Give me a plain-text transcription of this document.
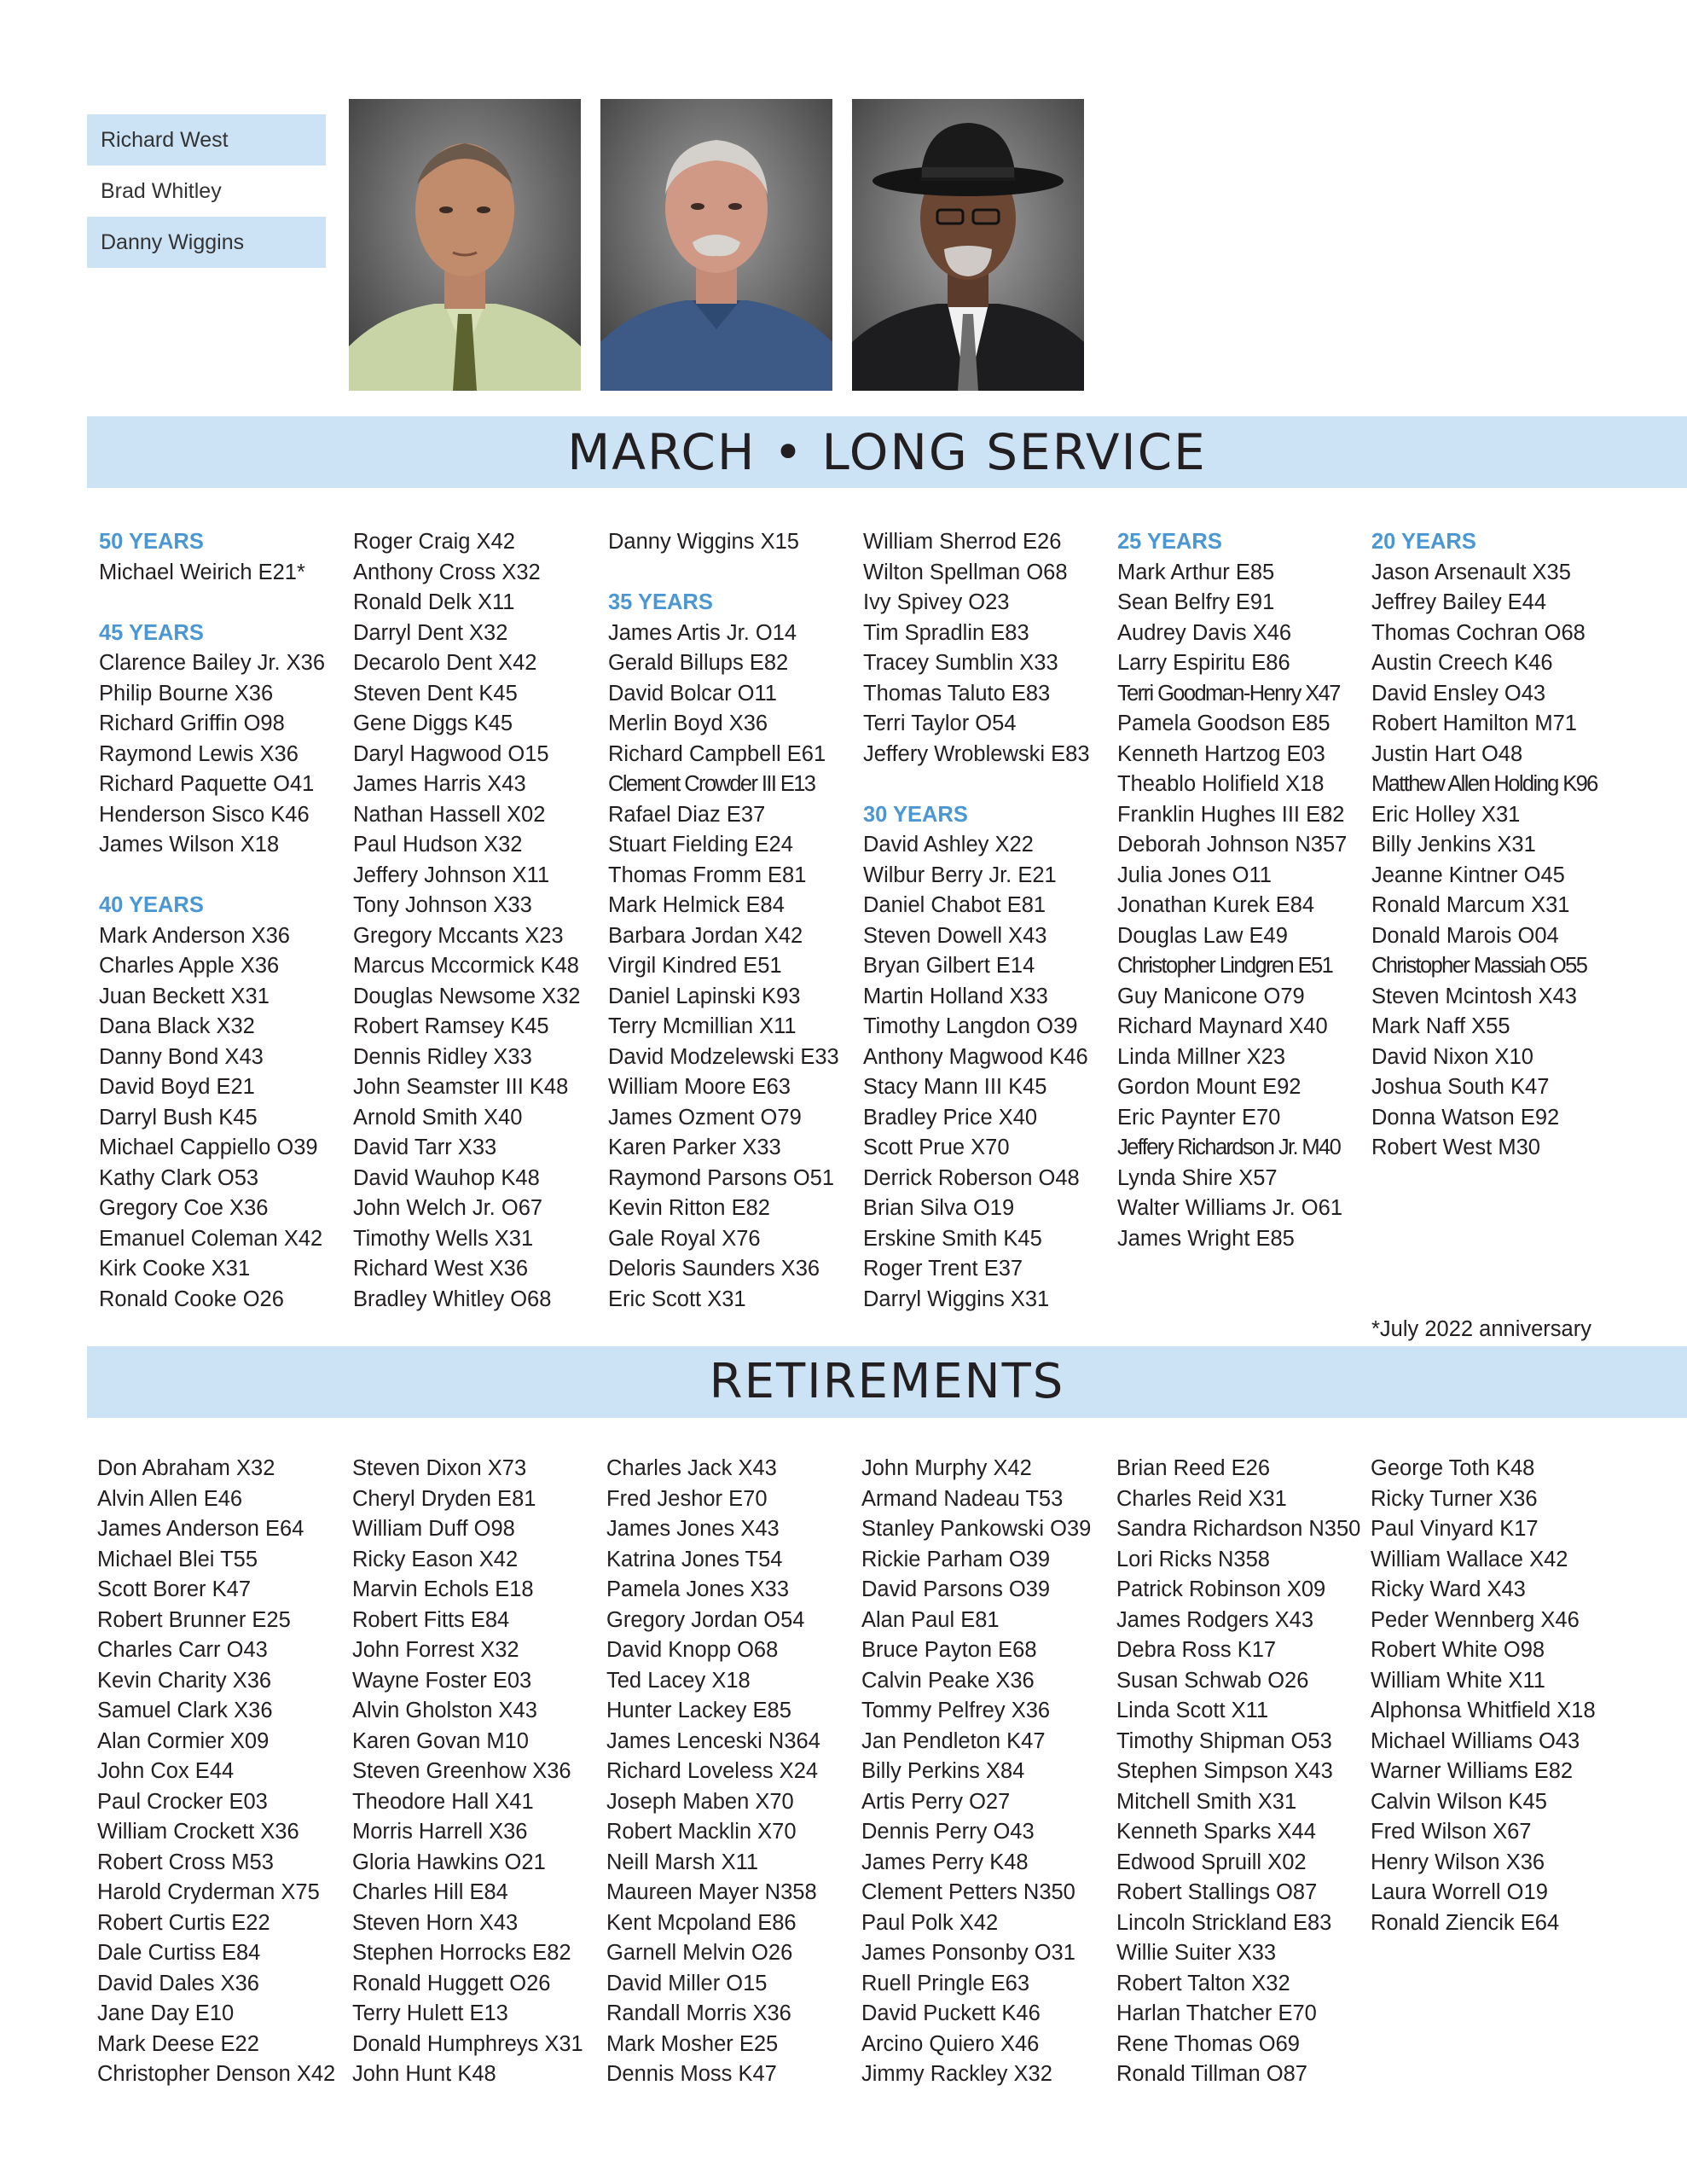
Richard West
Brad Whitley
Danny Wiggins
MARCH • LONG SERVICE
50 YEARS
Michael Weirich E21*
45 YEARS
Clarence Bailey Jr. X36
Philip Bourne X36
Richard Griffin O98
Raymond Lewis X36
Richard Paquette O41
Henderson Sisco K46
James Wilson X18
40 YEARS
Mark Anderson X36
Charles Apple X36
Juan Beckett X31
Dana Black X32
Danny Bond X43
David Boyd E21
Darryl Bush K45
Michael Cappiello O39
Kathy Clark O53
Gregory Coe X36
Emanuel Coleman X42
Kirk Cooke X31
Ronald Cooke O26
Roger Craig X42
Anthony Cross X32
Ronald Delk X11
Darryl Dent X32
Decarolo Dent X42
Steven Dent K45
Gene Diggs K45
Daryl Hagwood O15
James Harris X43
Nathan Hassell X02
Paul Hudson X32
Jeffery Johnson X11
Tony Johnson X33
Gregory Mccants X23
Marcus Mccormick K48
Douglas Newsome X32
Robert Ramsey K45
Dennis Ridley X33
John Seamster III K48
Arnold Smith X40
David Tarr X33
David Wauhop K48
John Welch Jr. O67
Timothy Wells X31
Richard West X36
Bradley Whitley O68
Danny Wiggins X15
35 YEARS
James Artis Jr. O14
Gerald Billups E82
David Bolcar O11
Merlin Boyd X36
Richard Campbell E61
Clement Crowder III E13
Rafael Diaz E37
Stuart Fielding E24
Thomas Fromm E81
Mark Helmick E84
Barbara Jordan X42
Virgil Kindred E51
Daniel Lapinski K93
Terry Mcmillian X11
David Modzelewski E33
William Moore E63
James Ozment O79
Karen Parker X33
Raymond Parsons O51
Kevin Ritton E82
Gale Royal X76
Deloris Saunders X36
Eric Scott X31
William Sherrod E26
Wilton Spellman O68
Ivy Spivey O23
Tim Spradlin E83
Tracey Sumblin X33
Thomas Taluto E83
Terri Taylor O54
Jeffery Wroblewski E83
30 YEARS
David Ashley X22
Wilbur Berry Jr. E21
Daniel Chabot E81
Steven Dowell X43
Bryan Gilbert E14
Martin Holland X33
Timothy Langdon O39
Anthony Magwood K46
Stacy Mann III K45
Bradley Price X40
Scott Prue X70
Derrick Roberson O48
Brian Silva O19
Erskine Smith K45
Roger Trent E37
Darryl Wiggins X31
25 YEARS
Mark Arthur E85
Sean Belfry E91
Audrey Davis X46
Larry Espiritu E86
Terri Goodman-Henry X47
Pamela Goodson E85
Kenneth Hartzog E03
Theablo Holifield X18
Franklin Hughes III E82
Deborah Johnson N357
Julia Jones O11
Jonathan Kurek E84
Douglas Law E49
Christopher Lindgren E51
Guy Manicone O79
Richard Maynard X40
Linda Millner X23
Gordon Mount E92
Eric Paynter E70
Jeffery Richardson Jr. M40
Lynda Shire X57
Walter Williams Jr. O61
James Wright E85
20 YEARS
Jason Arsenault X35
Jeffrey Bailey E44
Thomas Cochran O68
Austin Creech K46
David Ensley O43
Robert Hamilton M71
Justin Hart O48
Matthew Allen Holding K96
Eric Holley X31
Billy Jenkins X31
Jeanne Kintner O45
Ronald Marcum X31
Donald Marois O04
Christopher Massiah O55
Steven Mcintosh X43
Mark Naff X55
David Nixon X10
Joshua South K47
Donna Watson E92
Robert West M30
*July 2022 anniversary
RETIREMENTS
Don Abraham X32
Alvin Allen E46
James Anderson E64
Michael Blei T55
Scott Borer K47
Robert Brunner E25
Charles Carr O43
Kevin Charity X36
Samuel Clark X36
Alan Cormier X09
John Cox E44
Paul Crocker E03
William Crockett X36
Robert Cross M53
Harold Cryderman X75
Robert Curtis E22
Dale Curtiss E84
David Dales X36
Jane Day E10
Mark Deese E22
Christopher Denson X42
Steven Dixon X73
Cheryl Dryden E81
William Duff O98
Ricky Eason X42
Marvin Echols E18
Robert Fitts E84
John Forrest X32
Wayne Foster E03
Alvin Gholston X43
Karen Govan M10
Steven Greenhow X36
Theodore Hall X41
Morris Harrell X36
Gloria Hawkins O21
Charles Hill E84
Steven Horn X43
Stephen Horrocks E82
Ronald Huggett O26
Terry Hulett E13
Donald Humphreys X31
John Hunt K48
Charles Jack X43
Fred Jeshor E70
James Jones X43
Katrina Jones T54
Pamela Jones X33
Gregory Jordan O54
David Knopp O68
Ted Lacey X18
Hunter Lackey E85
James Lenceski N364
Richard Loveless X24
Joseph Maben X70
Robert Macklin X70
Neill Marsh X11
Maureen Mayer N358
Kent Mcpoland E86
Garnell Melvin O26
David Miller O15
Randall Morris X36
Mark Mosher E25
Dennis Moss K47
John Murphy X42
Armand Nadeau T53
Stanley Pankowski O39
Rickie Parham O39
David Parsons O39
Alan Paul E81
Bruce Payton E68
Calvin Peake X36
Tommy Pelfrey X36
Jan Pendleton K47
Billy Perkins X84
Artis Perry O27
Dennis Perry O43
James Perry K48
Clement Petters N350
Paul Polk X42
James Ponsonby O31
Ruell Pringle E63
David Puckett K46
Arcino Quiero X46
Jimmy Rackley X32
Brian Reed E26
Charles Reid X31
Sandra Richardson N350
Lori Ricks N358
Patrick Robinson X09
James Rodgers X43
Debra Ross K17
Susan Schwab O26
Linda Scott X11
Timothy Shipman O53
Stephen Simpson X43
Mitchell Smith X31
Kenneth Sparks X44
Edwood Spruill X02
Robert Stallings O87
Lincoln Strickland E83
Willie Suiter X33
Robert Talton X32
Harlan Thatcher E70
Rene Thomas O69
Ronald Tillman O87
George Toth K48
Ricky Turner X36
Paul Vinyard K17
William Wallace X42
Ricky Ward X43
Peder Wennberg X46
Robert White O98
William White X11
Alphonsa Whitfield X18
Michael Williams O43
Warner Williams E82
Calvin Wilson K45
Fred Wilson X67
Henry Wilson X36
Laura Worrell O19
Ronald Ziencik E64
